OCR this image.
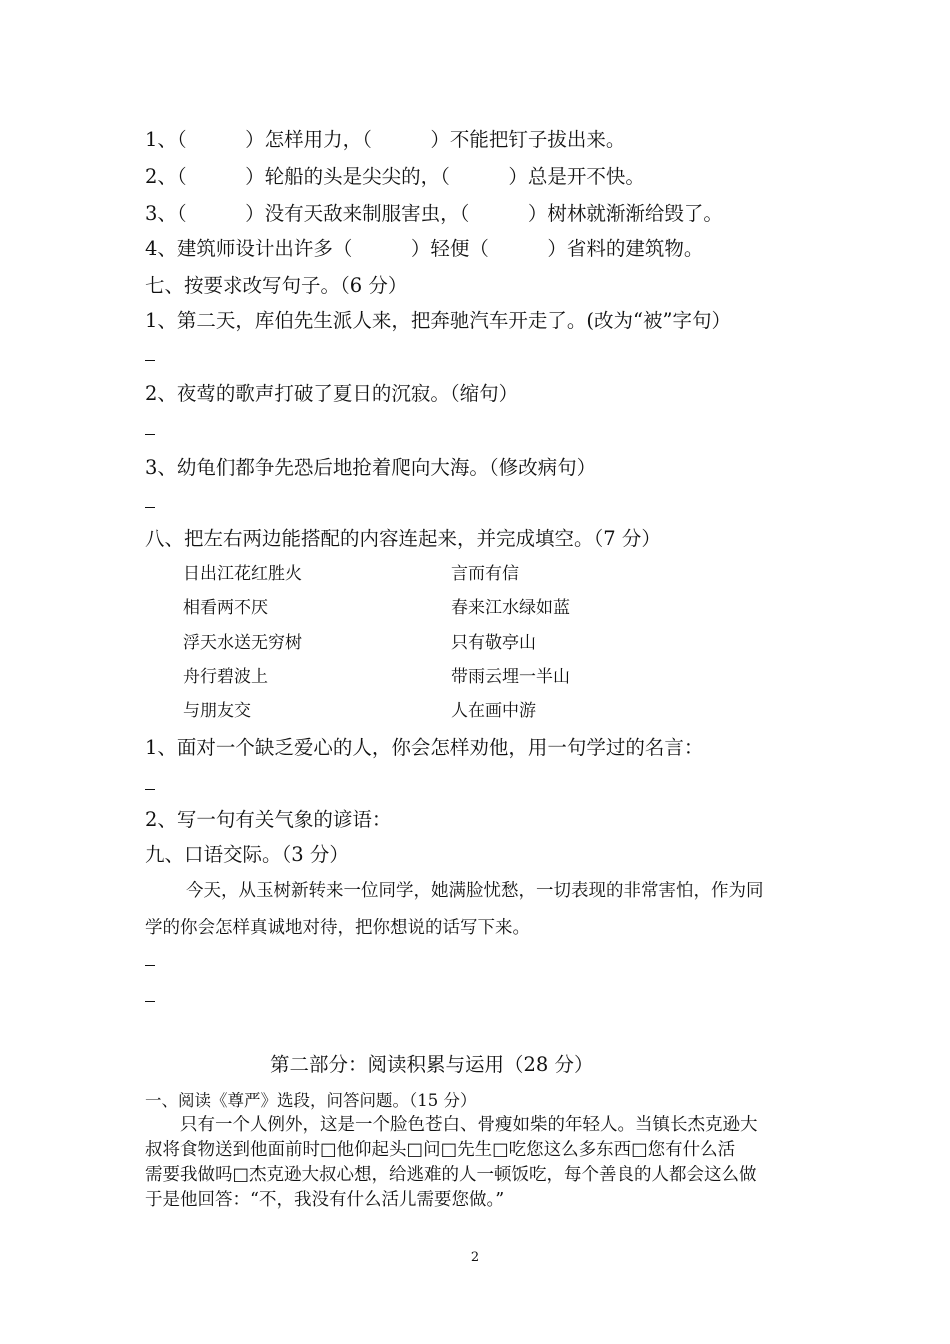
1、（　　　）怎样用力，（　　　）不能把钉子拔出来。
2、（　　　）轮船的头是尖尖的，（　　　）总是开不快。
3、（　　　）没有天敌来制服害虫，（　　　）树林就渐渐给毁了。
4、建筑师设计出许多（　　　）轻便（　　　）省料的建筑物。
七、按要求改写句子。（6 分）
1、第二天，库伯先生派人来，把奔驰汽车开走了。(改为“被”字句）
2、夜莺的歌声打破了夏日的沉寂。（缩句）
3、幼龟们都争先恐后地抢着爬向大海。（修改病句）
八、把左右两边能搭配的内容连起来，并完成填空。（7 分）
日出江花红胜火
相看两不厌
浮天水送无穷树
舟行碧波上
与朋友交
言而有信
春来江水绿如蓝
只有敬亭山
带雨云埋一半山
人在画中游
1、面对一个缺乏爱心的人，你会怎样劝他，用一句学过的名言：
2、写一句有关气象的谚语：
九、口语交际。（3 分）
今天，从玉树新转来一位同学，她满脸忧愁，一切表现的非常害怕，作为同
学的你会怎样真诚地对待，把你想说的话写下来。
第二部分：阅读积累与运用（28 分）
一、阅读《尊严》选段，问答问题。（15 分）
只有一个人例外，这是一个脸色苍白、骨瘦如柴的年轻人。当镇长杰克逊大
叔将食物送到他面前时□他仰起头□问□先生□吃您这么多东西□您有什么活
需要我做吗□杰克逊大叔心想，给逃难的人一顿饭吃，每个善良的人都会这么做
于是他回答：“不，我没有什么活儿需要您做。”
2
